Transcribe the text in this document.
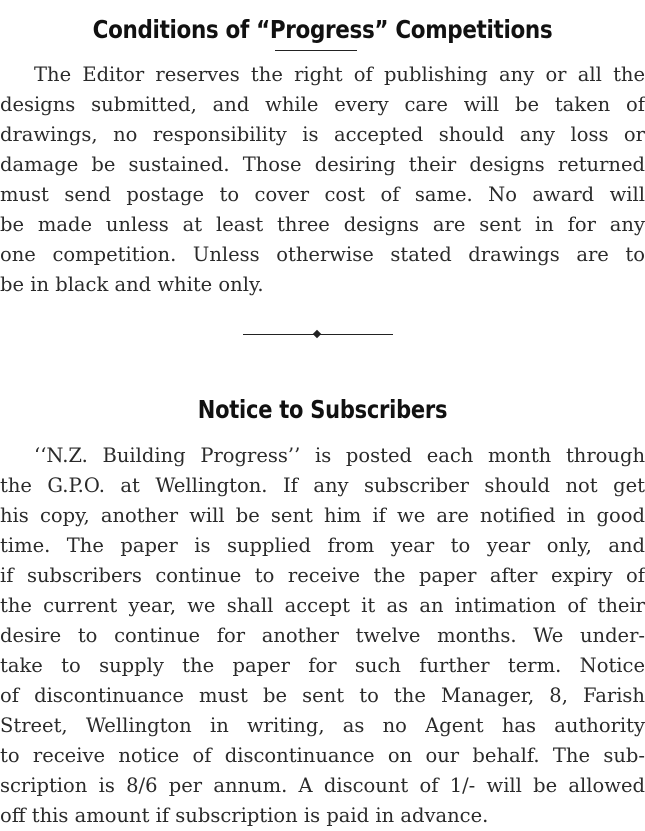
Conditions of “Progress” Competitions
The Editor reserves the right of publishing any or all the
designs submitted, and while every care will be taken of
drawings, no responsibility is accepted should any loss or
damage be sustained. Those desiring their designs returned
must send postage to cover cost of same. No award will
be made unless at least three designs are sent in for any
one competition. Unless otherwise stated drawings are to
be in black and white only.
Notice to Subscribers
‘‘N.Z. Building Progress’’ is posted each month through
the G.P.O. at Wellington. If any subscriber should not get
his copy, another will be sent him if we are notified in good
time. The paper is supplied from year to year only, and
if subscribers continue to receive the paper after expiry of
the current year, we shall accept it as an intimation of their
desire to continue for another twelve months. We under-
take to supply the paper for such further term. Notice
of discontinuance must be sent to the Manager, 8, Farish
Street, Wellington in writing, as no Agent has authority
to receive notice of discontinuance on our behalf. The sub-
scription is 8/6 per annum. A discount of 1/- will be allowed
off this amount if subscription is paid in advance.
